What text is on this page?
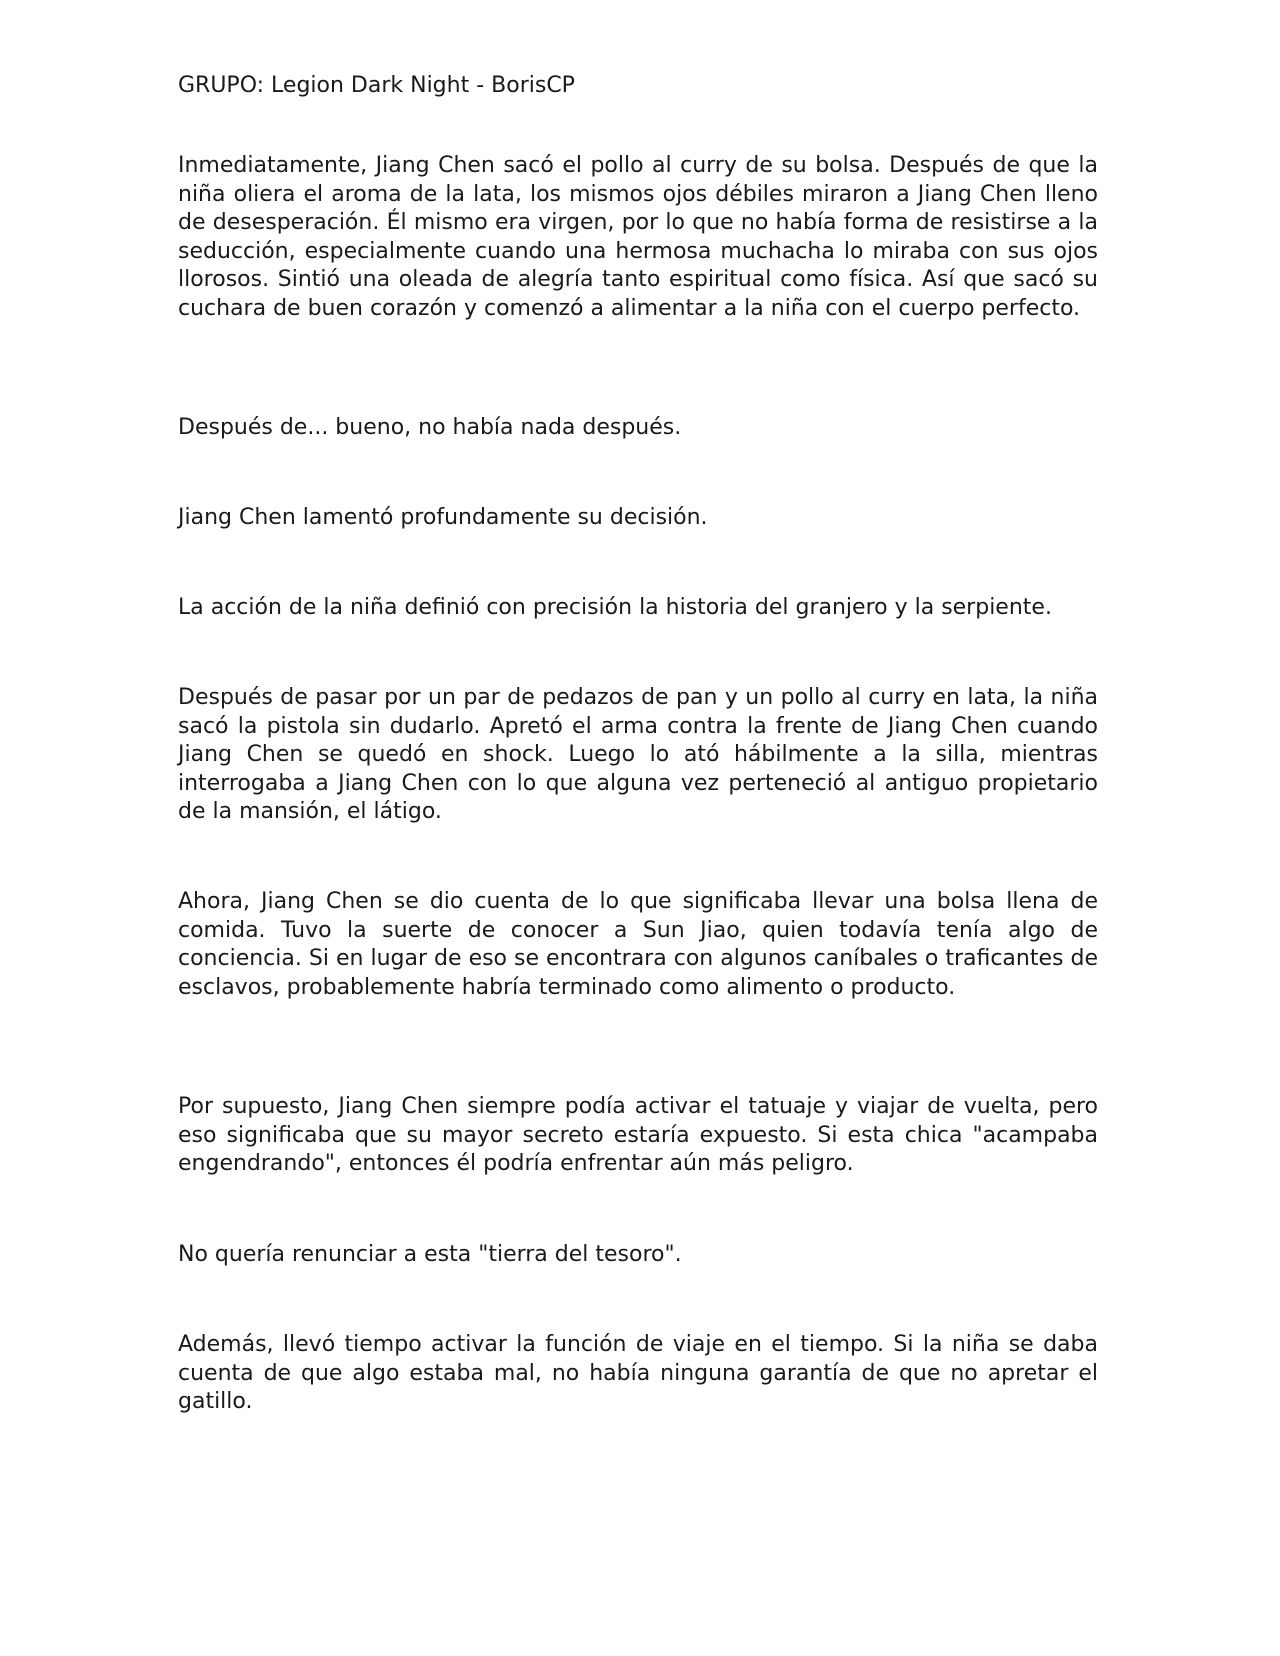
GRUPO: Legion Dark Night - BorisCP

Inmediatamente, Jiang Chen sacó el pollo al curry de su bolsa. Después de que la niña oliera el aroma de la lata, los mismos ojos débiles miraron a Jiang Chen lleno de desesperación. Él mismo era virgen, por lo que no había forma de resistirse a la seducción, especialmente cuando una hermosa muchacha lo miraba con sus ojos llorosos. Sintió una oleada de alegría tanto espiritual como física. Así que sacó su cuchara de buen corazón y comenzó a alimentar a la niña con el cuerpo perfecto.

Después de... bueno, no había nada después.

Jiang Chen lamentó profundamente su decisión.

La acción de la niña definió con precisión la historia del granjero y la serpiente.

Después de pasar por un par de pedazos de pan y un pollo al curry en lata, la niña sacó la pistola sin dudarlo. Apretó el arma contra la frente de Jiang Chen cuando Jiang Chen se quedó en shock. Luego lo ató hábilmente a la silla, mientras interrogaba a Jiang Chen con lo que alguna vez perteneció al antiguo propietario de la mansión, el látigo.

Ahora, Jiang Chen se dio cuenta de lo que significaba llevar una bolsa llena de comida. Tuvo la suerte de conocer a Sun Jiao, quien todavía tenía algo de conciencia. Si en lugar de eso se encontrara con algunos caníbales o traficantes de esclavos, probablemente habría terminado como alimento o producto.

Por supuesto, Jiang Chen siempre podía activar el tatuaje y viajar de vuelta, pero eso significaba que su mayor secreto estaría expuesto. Si esta chica "acampaba engendrando", entonces él podría enfrentar aún más peligro.

No quería renunciar a esta "tierra del tesoro".

Además, llevó tiempo activar la función de viaje en el tiempo. Si la niña se daba cuenta de que algo estaba mal, no había ninguna garantía de que no apretar el gatillo.
